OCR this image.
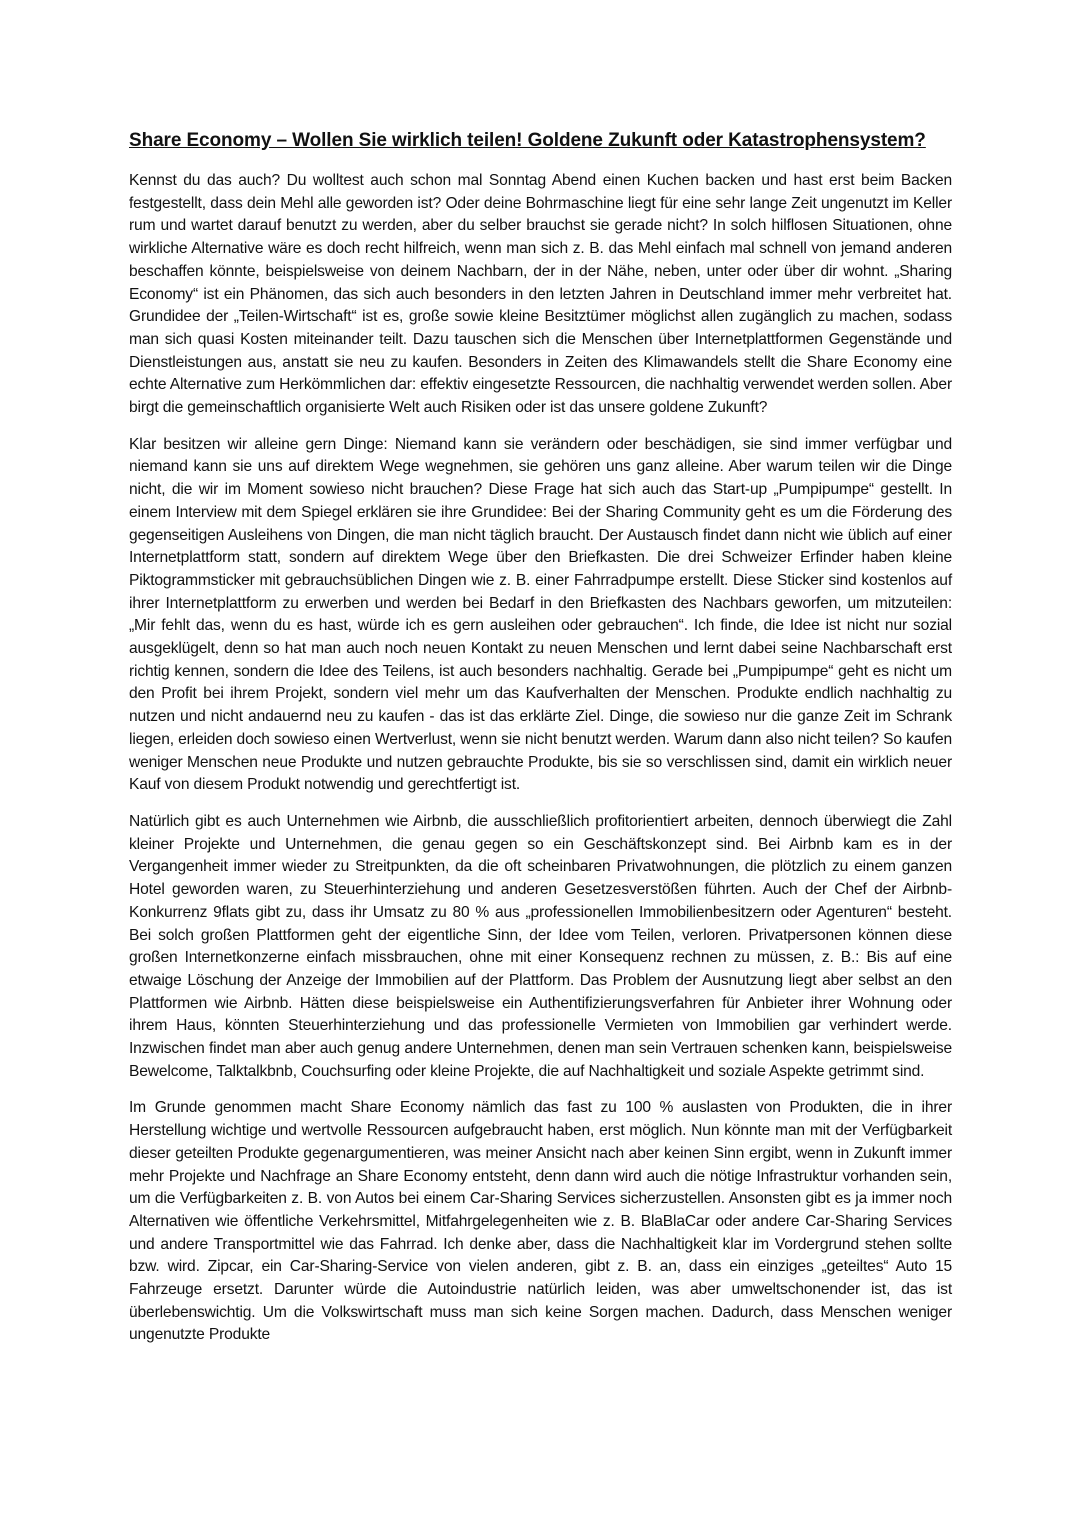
Share Economy – Wollen Sie wirklich teilen! Goldene Zukunft oder Katastrophensystem?

Kennst du das auch? Du wolltest auch schon mal Sonntag Abend einen Kuchen backen und hast erst beim Backen festgestellt, dass dein Mehl alle geworden ist? Oder deine Bohrmaschine liegt für eine sehr lange Zeit ungenutzt im Keller rum und wartet darauf benutzt zu werden, aber du selber brauchst sie gerade nicht? In solch hilflosen Situationen, ohne wirkliche Alternative wäre es doch recht hilfreich, wenn man sich z. B. das Mehl einfach mal schnell von jemand anderen beschaffen könnte, beispielsweise von deinem Nachbarn, der in der Nähe, neben, unter oder über dir wohnt. „Sharing Economy“ ist ein Phänomen, das sich auch besonders in den letzten Jahren in Deutschland immer mehr verbreitet hat. Grundidee der „Teilen-Wirtschaft“ ist es, große sowie kleine Besitztümer möglichst allen zugänglich zu machen, sodass man sich quasi Kosten miteinander teilt. Dazu tauschen sich die Menschen über Internetplattformen Gegenstände und Dienstleistungen aus, anstatt sie neu zu kaufen. Besonders in Zeiten des Klimawandels stellt die Share Economy eine echte Alternative zum Herkömmlichen dar: effektiv eingesetzte Ressourcen, die nachhaltig verwendet werden sollen. Aber birgt die gemeinschaftlich organisierte Welt auch Risiken oder ist das unsere goldene Zukunft?

Klar besitzen wir alleine gern Dinge: Niemand kann sie verändern oder beschädigen, sie sind immer verfügbar und niemand kann sie uns auf direktem Wege wegnehmen, sie gehören uns ganz alleine. Aber warum teilen wir die Dinge nicht, die wir im Moment sowieso nicht brauchen? Diese Frage hat sich auch das Start-up „Pumpipumpe“ gestellt. In einem Interview mit dem Spiegel erklären sie ihre Grundidee: Bei der Sharing Community geht es um die Förderung des gegenseitigen Ausleihens von Dingen, die man nicht täglich braucht. Der Austausch findet dann nicht wie üblich auf einer Internetplattform statt, sondern auf direktem Wege über den Briefkasten. Die drei Schweizer Erfinder haben kleine Piktogrammsticker mit gebrauchsüblichen Dingen wie z. B. einer Fahrradpumpe erstellt. Diese Sticker sind kostenlos auf ihrer Internetplattform zu erwerben und werden bei Bedarf in den Briefkasten des Nachbars geworfen, um mitzuteilen: „Mir fehlt das, wenn du es hast, würde ich es gern ausleihen oder gebrauchen“. Ich finde, die Idee ist nicht nur sozial ausgeklügelt, denn so hat man auch noch neuen Kontakt zu neuen Menschen und lernt dabei seine Nachbarschaft erst richtig kennen, sondern die Idee des Teilens, ist auch besonders nachhaltig. Gerade bei „Pumpipumpe“ geht es nicht um den Profit bei ihrem Projekt, sondern viel mehr um das Kaufverhalten der Menschen. Produkte endlich nachhaltig zu nutzen und nicht andauernd neu zu kaufen - das ist das erklärte Ziel. Dinge, die sowieso nur die ganze Zeit im Schrank liegen, erleiden doch sowieso einen Wertverlust, wenn sie nicht benutzt werden. Warum dann also nicht teilen? So kaufen weniger Menschen neue Produkte und nutzen gebrauchte Produkte, bis sie so verschlissen sind, damit ein wirklich neuer Kauf von diesem Produkt notwendig und gerechtfertigt ist.

Natürlich gibt es auch Unternehmen wie Airbnb, die ausschließlich profitorientiert arbeiten, dennoch überwiegt die Zahl kleiner Projekte und Unternehmen, die genau gegen so ein Geschäftskonzept sind. Bei Airbnb kam es in der Vergangenheit immer wieder zu Streitpunkten, da die oft scheinbaren Privatwohnungen, die plötzlich zu einem ganzen Hotel geworden waren, zu Steuerhinterziehung und anderen Gesetzesverstößen führten. Auch der Chef der Airbnb-Konkurrenz 9flats gibt zu, dass ihr Umsatz zu 80 % aus „professionellen Immobilienbesitzern oder Agenturen“ besteht. Bei solch großen Plattformen geht der eigentliche Sinn, der Idee vom Teilen, verloren. Privatpersonen können diese großen Internetkonzerne einfach missbrauchen, ohne mit einer Konsequenz rechnen zu müssen, z. B.: Bis auf eine etwaige Löschung der Anzeige der Immobilien auf der Plattform. Das Problem der Ausnutzung liegt aber selbst an den Plattformen wie Airbnb. Hätten diese beispielsweise ein Authentifizierungsverfahren für Anbieter ihrer Wohnung oder ihrem Haus, könnten Steuerhinterziehung und das professionelle Vermieten von Immobilien gar verhindert werde. Inzwischen findet man aber auch genug andere Unternehmen, denen man sein Vertrauen schenken kann, beispielsweise Bewelcome, Talktalkbnb, Couchsurfing oder kleine Projekte, die auf Nachhaltigkeit und soziale Aspekte getrimmt sind.

Im Grunde genommen macht Share Economy nämlich das fast zu 100 % auslasten von Produkten, die in ihrer Herstellung wichtige und wertvolle Ressourcen aufgebraucht haben, erst möglich. Nun könnte man mit der Verfügbarkeit dieser geteilten Produkte gegenargumentieren, was meiner Ansicht nach aber keinen Sinn ergibt, wenn in Zukunft immer mehr Projekte und Nachfrage an Share Economy entsteht, denn dann wird auch die nötige Infrastruktur vorhanden sein, um die Verfügbarkeiten z. B. von Autos bei einem Car-Sharing Services sicherzustellen. Ansonsten gibt es ja immer noch Alternativen wie öffentliche Verkehrsmittel, Mitfahrgelegenheiten wie z. B. BlaBlaCar oder andere Car-Sharing Services und andere Transportmittel wie das Fahrrad. Ich denke aber, dass die Nachhaltigkeit klar im Vordergrund stehen sollte bzw. wird. Zipcar, ein Car-Sharing-Service von vielen anderen, gibt z. B. an, dass ein einziges „geteiltes“ Auto 15 Fahrzeuge ersetzt. Darunter würde die Autoindustrie natürlich leiden, was aber umweltschonender ist, das ist überlebenswichtig. Um die Volkswirtschaft muss man sich keine Sorgen machen. Dadurch, dass Menschen weniger ungenutzte Produkte
